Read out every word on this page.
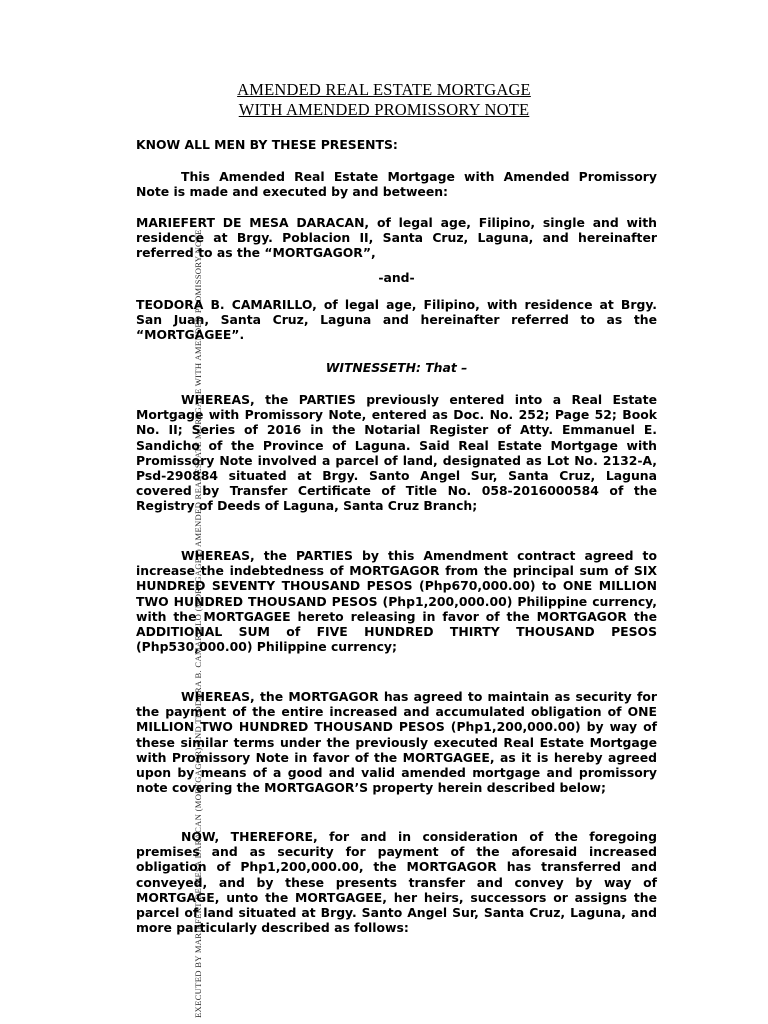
AMENDED REAL ESTATE MORTGAGE
WITH AMENDED PROMISSORY NOTE

KNOW ALL MEN BY THESE PRESENTS:

This Amended Real Estate Mortgage with Amended Promissory Note is made and executed by and between:

MARIEFERT DE MESA DARACAN, of legal age, Filipino, single and with residence at Brgy. Poblacion II, Santa Cruz, Laguna, and hereinafter referred to as the “MORTGAGOR”,

-and-

TEODORA B. CAMARILLO, of legal age, Filipino, with residence at Brgy. San Juan, Santa Cruz, Laguna and hereinafter referred to as the “MORTGAGEE”.

WITNESSETH: That –

WHEREAS, the PARTIES previously entered into a Real Estate Mortgage with Promissory Note, entered as Doc. No. 252; Page 52; Book No. II; Series of 2016 in the Notarial Register of Atty. Emmanuel E. Sandicho of the Province of Laguna. Said Real Estate Mortgage with Promissory Note involved a parcel of land, designated as Lot No. 2132-A, Psd-290884 situated at Brgy. Santo Angel Sur, Santa Cruz, Laguna covered by Transfer Certificate of Title No. 058-2016000584 of the Registry of Deeds of Laguna, Santa Cruz Branch;

WHEREAS, the PARTIES by this Amendment contract agreed to increase the indebtedness of MORTGAGOR from the principal sum of SIX HUNDRED SEVENTY THOUSAND PESOS (Php670,000.00) to ONE MILLION TWO HUNDRED THOUSAND PESOS (Php1,200,000.00) Philippine currency, with the MORTGAGEE hereto releasing in favor of the MORTGAGOR the ADDITIONAL SUM of FIVE HUNDRED THIRTY THOUSAND PESOS (Php530,000.00) Philippine currency;

WHEREAS, the MORTGAGOR has agreed to maintain as security for the payment of the entire increased and accumulated obligation of ONE MILLION TWO HUNDRED THOUSAND PESOS (Php1,200,000.00) by way of these similar terms under the previously executed Real Estate Mortgage with Promissory Note in favor of the MORTGAGEE, as it is hereby agreed upon by means of a good and valid amended mortgage and promissory note covering the MORTGAGOR’S property herein described below;

NOW, THEREFORE, for and in consideration of the foregoing premises and as security for payment of the aforesaid increased obligation of Php1,200,000.00, the MORTGAGOR has transferred and conveyed, and by these presents transfer and convey by way of MORTGAGE, unto the MORTGAGEE, her heirs, successors or assigns the parcel of land situated at Brgy. Santo Angel Sur, Santa Cruz, Laguna, and more particularly described as follows:

EXECUTED BY MARIEFERT DE MESA DARACAN (MORTGAGOR) AND TEODORA B. CAMARILLO (MORTGAGEE) AMENDED REAL ESTATE MORTGAGE WITH AMENDED PROMISSORY NOTE
